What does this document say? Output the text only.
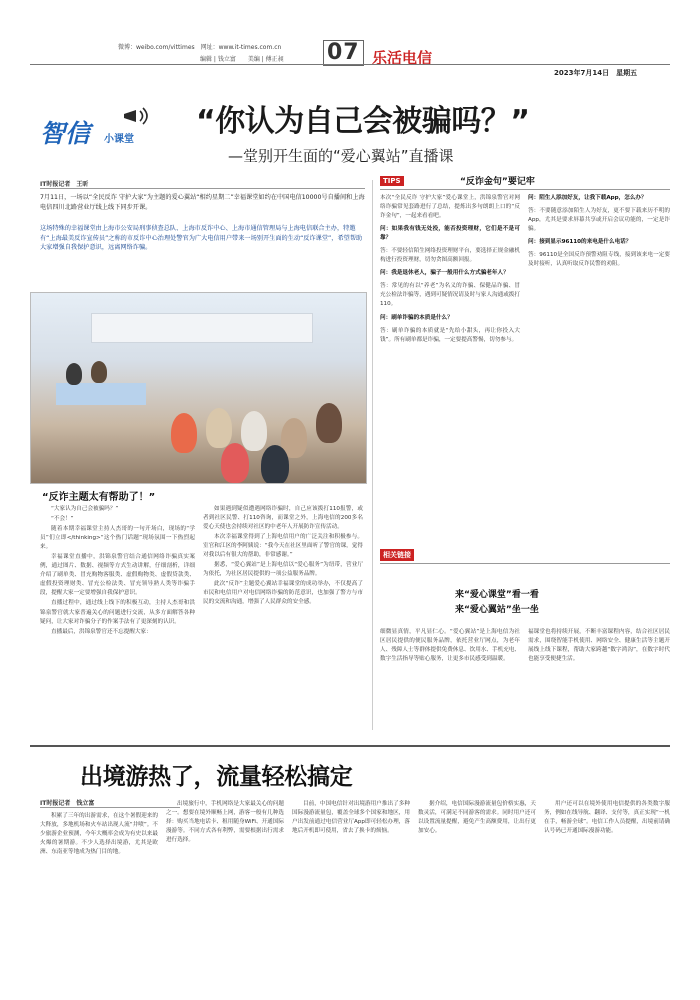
微博：weibo.com/vittimes　网址：www.it-times.com.cn
编辑 | 钱立富　　美编 | 傅正昶 07 乐活电信
2023年7月14日　星期五
智信 小课堂
“你认为自己会被骗吗？”
—堂别开生面的“爱心翼站”直播课
IT时报记者　王昕
7月11日，一场以“全民反诈 守护大家”为主题的爱心翼站“相约星期二”幸福课堂如约在中国电信10000号自播间和上海电信四川北路营业厅线上线下同步开课。
这场特殊的幸福课堂由上海市公安局刑事侦查总队、上海市反诈中心、上海市通信管理局与上海电信联合主办，特邀有“上海最美反诈宣传员”之称的市反诈中心治理处警官为广大电信用户带来一场别开生面的生动“反诈课堂”，希望帮助大家增强自我保护意识，远离网络诈骗。
“反诈主题太有帮助了！”

“大家认为自己会被骗吗？”

“不会！”

随着本期幸福课堂主持人杰哥的一句开场白，现场的“学员”们立即</thinking>“这个热门话题”现场氛围一下热烈起来。

幸福课堂直播中，洪锦泉警官结合通信网络诈骗真实案例，通过图片、数据、视频等方式生动讲解，仔细剖析，详细介绍了刷单类、冒充购物客服类、虚假购物类、虚假贷款类、虚假投资理财类、冒充公检法类、冒充领导熟人类等诈骗手段，提醒大家一定要增强自我保护意识。

直播过程中，通过线上线下的积极互动，主持人杰哥和洪锦泉警官就大家普遍关心的问题进行交流，从多方面解答各种疑问，让大家对诈骗分子的作案手法有了更深刻的认识。

直播最后，洪锦泉警官还不忘提醒大家：

如果遇到疑似遭遇网络诈骗时，自己应该拨打110报警，或者到社区民警、打110咨询，而课堂之外，上海电信的200多名爱心天使也会持续对社区的中老年人开展防诈宣传活动。

本次幸福课堂得到了上海电信用户的广泛关注和积极参与。室官和江区的李阿姨说：“我今天在社区里面听了警官的课，觉得对我以后有很大的帮助，非常感谢。”

据悉，“爱心翼站”是上海电信以“爱心服务”为纽带，营业厅为依托，为社区居民提供的一项公益服务品牌。

此次“反诈”主题爱心翼站幸福课堂的成功举办，不仅提高了市民和电信用户对电信网络诈骗的防范意识，也加强了警方与市民的交流和沟通，增强了人民群众的安全感。

TIPS	“反诈金句”要记牢

本次“全民反诈 守护大家”爱心课堂上，洪锦泉警官对网络诈骗常见套路进行了总结，提炼出多句朗朗上口的“反诈金句”，一起来看看吧。

问：如果我有钱无处投，能否投资理财，它们是不是可靠？

答：不要轻信陌生网络投资理财平台，要选择正规金融机构进行投资理财，切勿贪图高额回报。

问：我是退休老人，骗子一般用什么方式骗老年人？

答：常见的有以“养老”为名义的诈骗、保健品诈骗、冒充公检法诈骗等，遇到可疑情况请及时与家人沟通或拨打110。

问：刷单诈骗的本质是什么？

答：刷单诈骗的本质就是“先给小甜头，再让你投入大钱”。所有刷单都是诈骗，一定要提高警惕，切勿参与。

问：陌生人添加好友，让我下载App，怎么办？

答：不要随意添加陌生人为好友，更不要下载来历不明的App，尤其是要求屏幕共享或开启会议功能的，一定是诈骗。

问：接到显示96110的来电是什么电话？

答：96110是全国反诈预警劝阻专线，接到该来电一定要及时接听，认真听取反诈民警的劝阻。

相关链接
来“爱心课堂”看一看
来“爱心翼站”坐一坐
细微显真情，平凡显仁心。“爱心翼站”是上海电信为社区居民提供的便民服务品牌，依托营业厅网点，为老年人、残障人士等群体提供免费休息、饮用水、手机充电、数字生活指导等贴心服务，让更多市民感受到温暖。
福课堂也将持续开展，不断丰富课程内容，结合社区居民需求，围绕智能手机使用、网络安全、健康生活等主题开展线上线下课程，帮助大家跨越“数字鸿沟”，在数字时代也能享受便捷生活。
出境游热了，流量轻松搞定
IT时报记者　钱立富

积累了三年的出游需求，在这个暑假迎来的大释放，多地机场和火车站出现人流“井喷”。不少旅游企业预测，今年大概率会成为有史以来最火爆的暑期游。不少人选择出境游，尤其是欧洲、东南亚等地成为热门目的地。

出境旅行中，手机网络是大家最关心的问题之一。想要在境外顺畅上网，游客一般有几种选择：购买当地电话卡、租用随身WiFi、开通国际漫游等。不同方式各有利弊，需要根据出行需求进行选择。

目前，中国电信针对出境游用户推出了多种国际漫游流量包，覆盖全球多个国家和地区，用户出发前通过电信营业厅App即可轻松办理，落地后开机即可使用，省去了换卡的烦恼。

据介绍，电信国际漫游流量包价格实惠，天数灵活，可满足不同游客的需求。同时用户还可以设置流量提醒，避免产生高额费用，让出行更加安心。

用户还可以在境外使用电信提供的各类数字服务，例如在线导航、翻译、支付等，真正实现“一机在手，畅游全球”。电信工作人员提醒，出境前请确认号码已开通国际漫游功能。
